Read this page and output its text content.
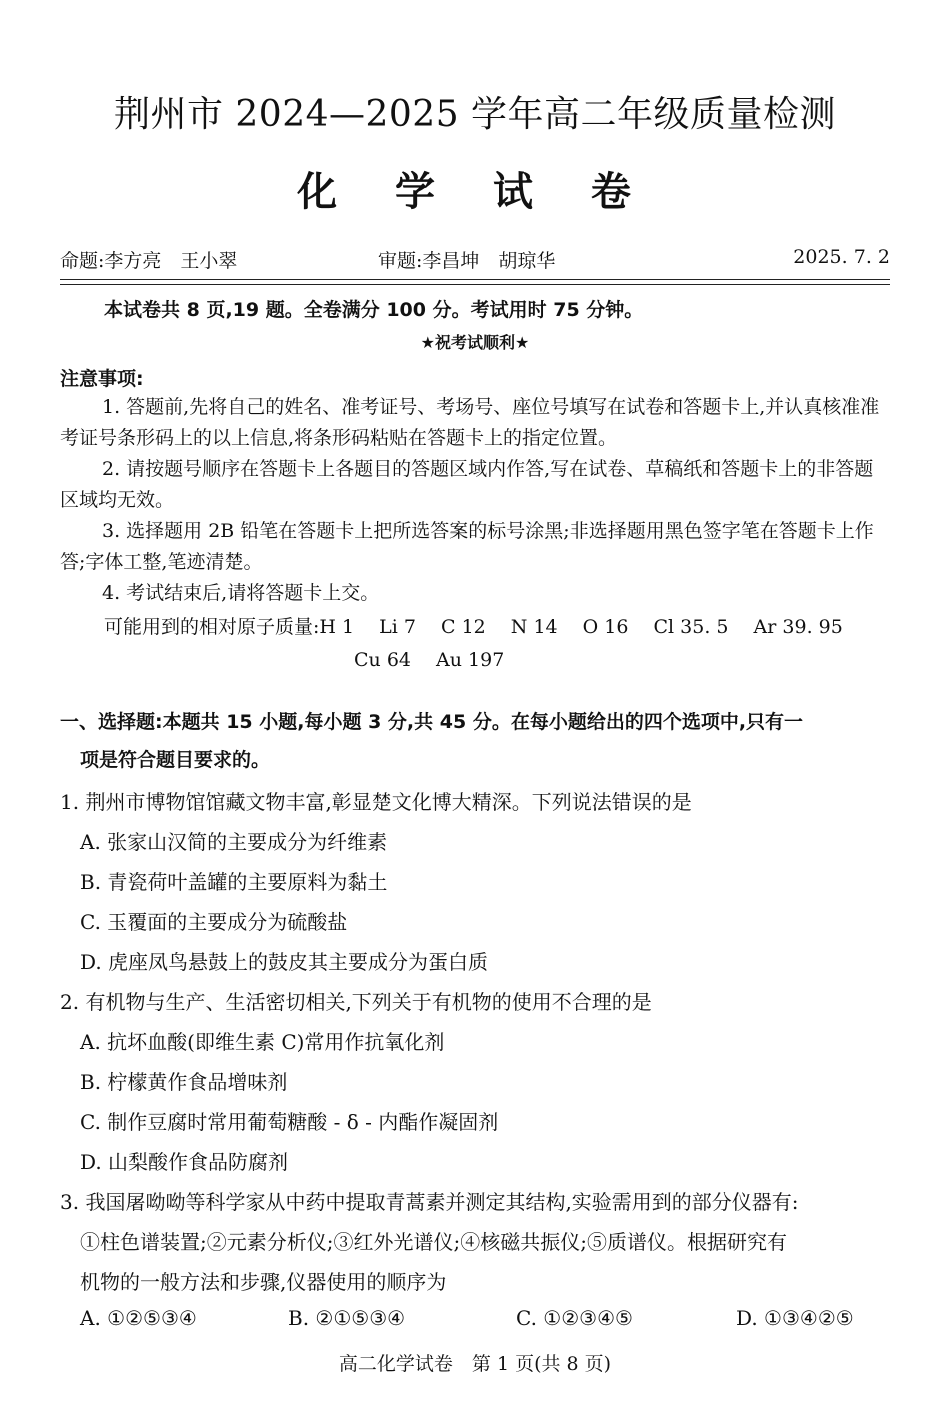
荆州市 2024—2025 学年高二年级质量检测
化 学 试 卷
命题:李方亮　王小翠	审题:李昌坤　胡琼华	2025. 7. 2
本试卷共 8 页,19 题。全卷满分 100 分。考试用时 75 分钟。
★祝考试顺利★
注意事项:
1. 答题前,先将自己的姓名、准考证号、考场号、座位号填写在试卷和答题卡上,并认真核准准考证号条形码上的以上信息,将条形码粘贴在答题卡上的指定位置。
2. 请按题号顺序在答题卡上各题目的答题区域内作答,写在试卷、草稿纸和答题卡上的非答题区域均无效。
3. 选择题用 2B 铅笔在答题卡上把所选答案的标号涂黑;非选择题用黑色签字笔在答题卡上作答;字体工整,笔迹清楚。
4. 考试结束后,请将答题卡上交。
可能用到的相对原子质量:H 1　 Li 7　 C 12　 N 14　 O 16　 Cl 35. 5　 Ar 39. 95
Cu 64　 Au 197
一、选择题:本题共 15 小题,每小题 3 分,共 45 分。在每小题给出的四个选项中,只有一
项是符合题目要求的。
1. 荆州市博物馆馆藏文物丰富,彰显楚文化博大精深。下列说法错误的是
A. 张家山汉简的主要成分为纤维素
B. 青瓷荷叶盖罐的主要原料为黏土
C. 玉覆面的主要成分为硫酸盐
D. 虎座凤鸟悬鼓上的鼓皮其主要成分为蛋白质
2. 有机物与生产、生活密切相关,下列关于有机物的使用不合理的是
A. 抗坏血酸(即维生素 C)常用作抗氧化剂
B. 柠檬黄作食品增味剂
C. 制作豆腐时常用葡萄糖酸 - δ - 内酯作凝固剂
D. 山梨酸作食品防腐剂
3. 我国屠呦呦等科学家从中药中提取青蒿素并测定其结构,实验需用到的部分仪器有:
①柱色谱装置;②元素分析仪;③红外光谱仪;④核磁共振仪;⑤质谱仪。根据研究有
机物的一般方法和步骤,仪器使用的顺序为
A. ①②⑤③④	B. ②①⑤③④	C. ①②③④⑤	D. ①③④②⑤
高二化学试卷　第 1 页(共 8 页)
